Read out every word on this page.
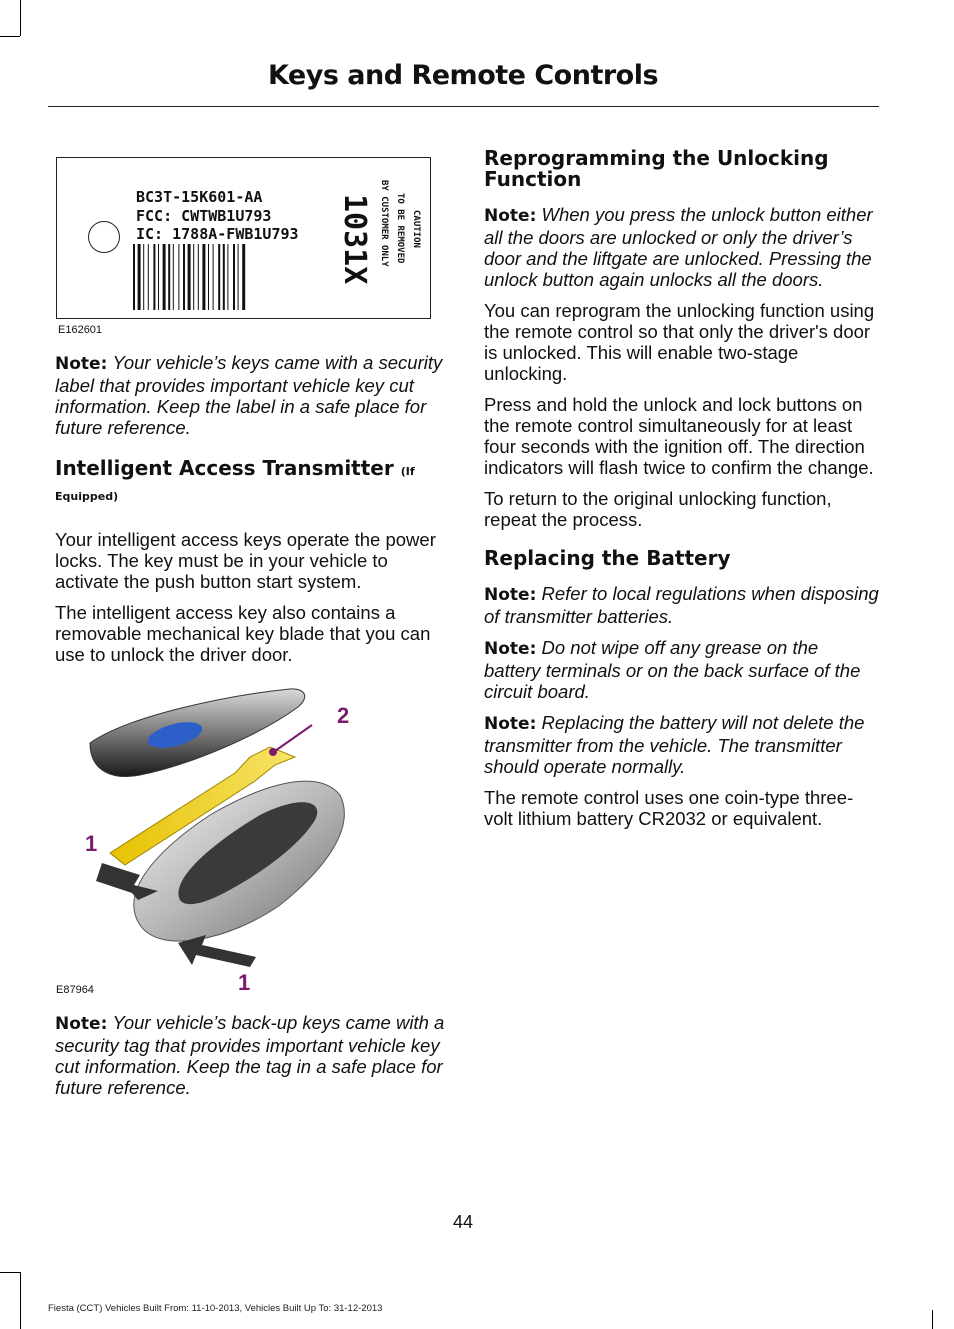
Keys and Remote Controls
BC3T-15K601-AA
FCC: CWTWB1U793
IC: 1788A-FWB1U793 1031X	CAUTION
TO BE REMOVED
BY CUSTOMER ONLY
E162601

Note: Your vehicle’s keys came with a security label that provides important vehicle key cut information. Keep the label in a safe place for future reference.

Intelligent Access Transmitter (If

Equipped)

Your intelligent access keys operate the power locks. The key must be in your vehicle to activate the push button start system.

The intelligent access key also contains a removable mechanical key blade that you can use to unlock the driver door.

2
1
1
E87964

Note: Your vehicle’s back-up keys came with a security tag that provides important vehicle key cut information. Keep the tag in a safe place for future reference.

Reprogramming the Unlocking Function

Note: When you press the unlock button either all the doors are unlocked or only the driver’s door and the liftgate are unlocked. Pressing the unlock button again unlocks all the doors.

You can reprogram the unlocking function using the remote control so that only the driver's door is unlocked. This will enable two-stage unlocking.

Press and hold the unlock and lock buttons on the remote control simultaneously for at least four seconds with the ignition off. The direction indicators will flash twice to confirm the change.

To return to the original unlocking function, repeat the process.

Replacing the Battery

Note: Refer to local regulations when disposing of transmitter batteries.

Note: Do not wipe off any grease on the battery terminals or on the back surface of the circuit board.

Note: Replacing the battery will not delete the transmitter from the vehicle. The transmitter should operate normally.

The remote control uses one coin-type three-volt lithium battery CR2032 or equivalent.

44
Fiesta (CCT) Vehicles Built From: 11-10-2013, Vehicles Built Up To: 31-12-2013
